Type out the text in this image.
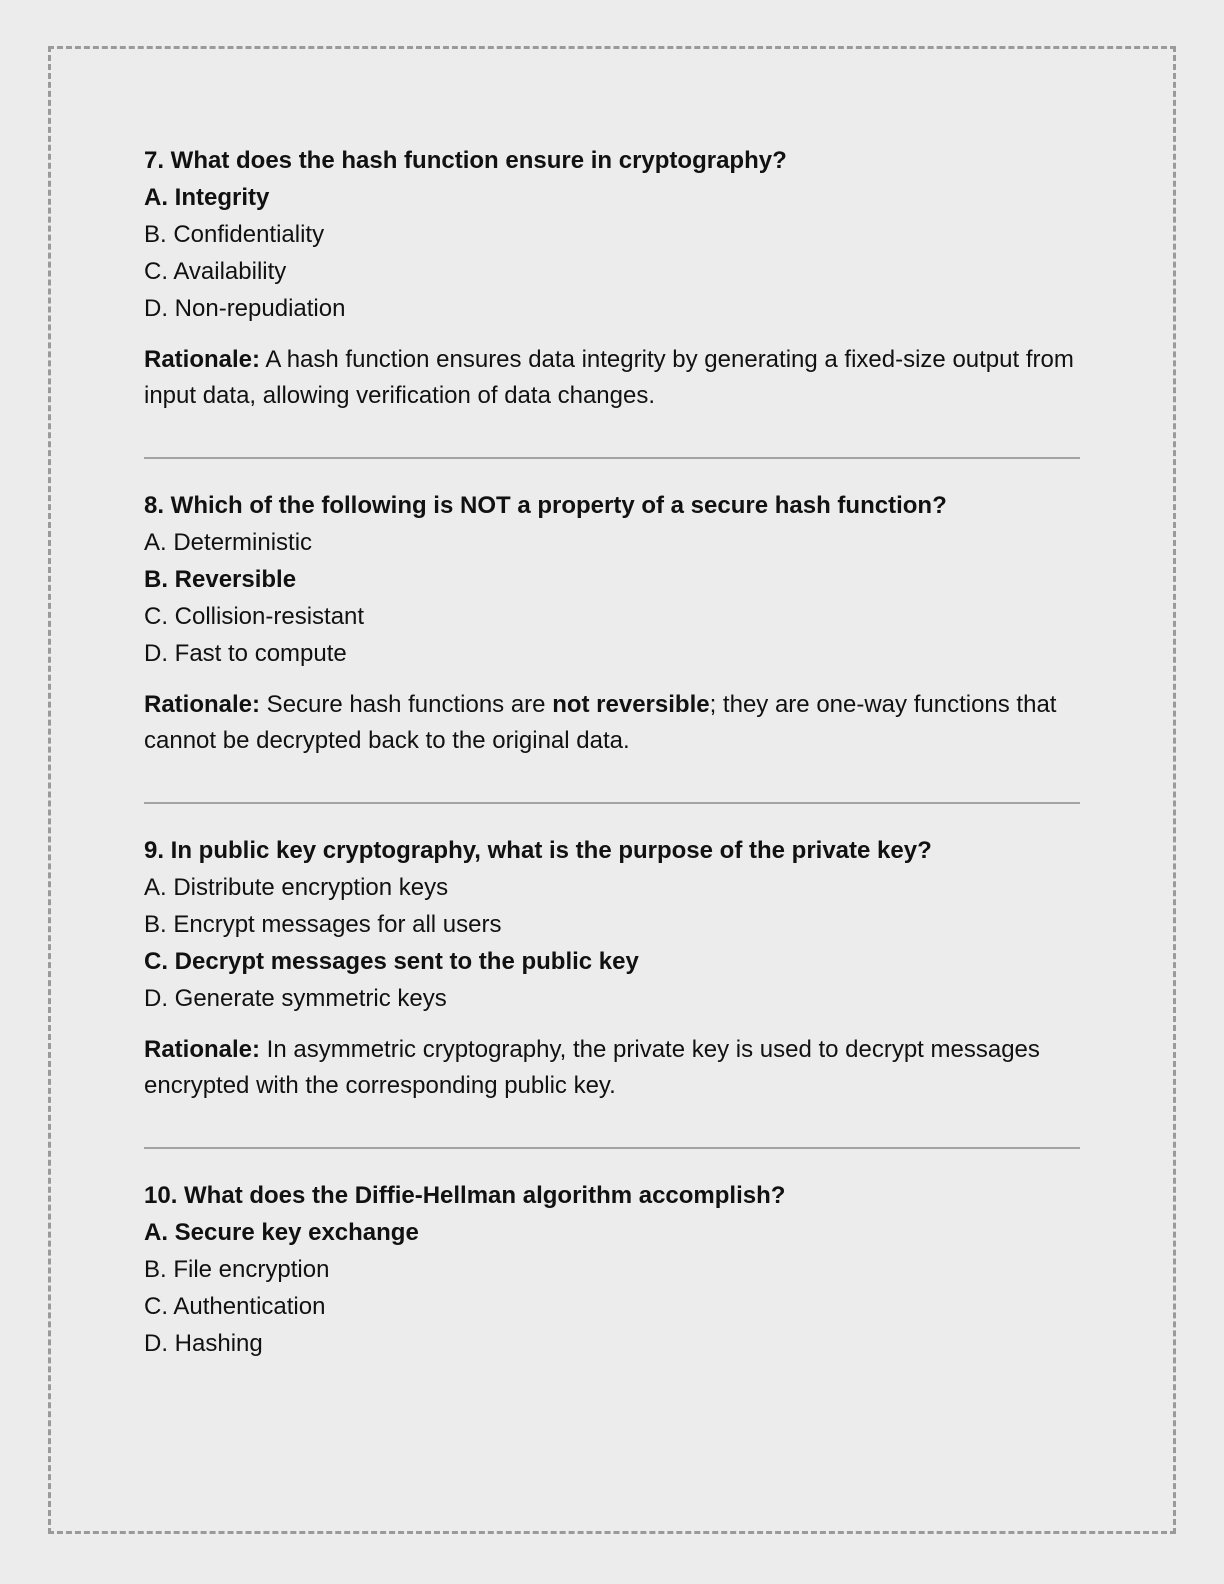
7. What does the hash function ensure in cryptography?

A. Integrity

B. Confidentiality

C. Availability

D. Non-repudiation

Rationale: A hash function ensures data integrity by generating a fixed-size output from input data, allowing verification of data changes.

8. Which of the following is NOT a property of a secure hash function?

A. Deterministic

B. Reversible

C. Collision-resistant

D. Fast to compute

Rationale: Secure hash functions are not reversible; they are one-way functions that cannot be decrypted back to the original data.

9. In public key cryptography, what is the purpose of the private key?

A. Distribute encryption keys

B. Encrypt messages for all users

C. Decrypt messages sent to the public key

D. Generate symmetric keys

Rationale: In asymmetric cryptography, the private key is used to decrypt messages encrypted with the corresponding public key.

10. What does the Diffie-Hellman algorithm accomplish?

A. Secure key exchange

B. File encryption

C. Authentication

D. Hashing
